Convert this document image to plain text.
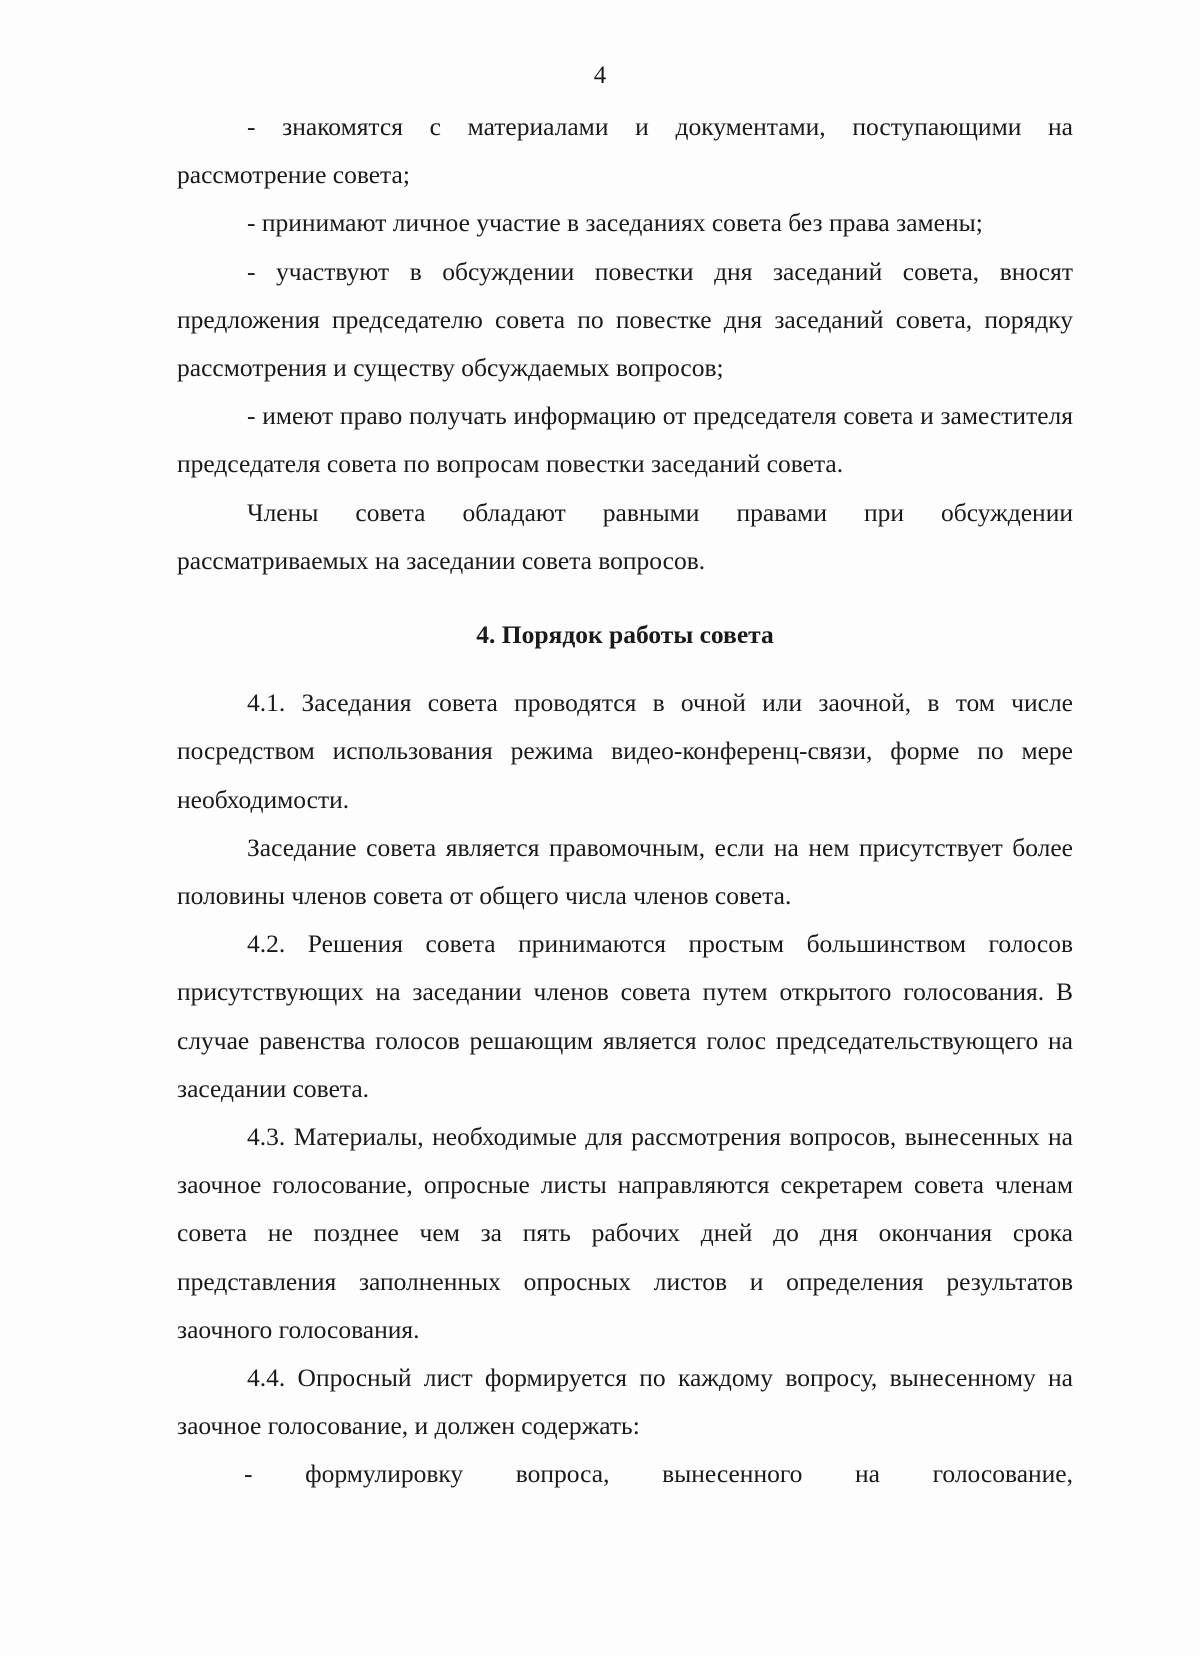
4

- знакомятся с материалами и документами, поступающими на рассмотрение совета;

- принимают личное участие в заседаниях совета без права замены;

- участвуют в обсуждении повестки дня заседаний совета, вносят предложения председателю совета по повестке дня заседаний совета, порядку рассмотрения и существу обсуждаемых вопросов;

- имеют право получать информацию от председателя совета и заместителя председателя совета по вопросам повестки заседаний совета.

Члены совета обладают равными правами при обсуждении рассматриваемых на заседании совета вопросов.

4. Порядок работы совета

4.1. Заседания совета проводятся в очной или заочной, в том числе посредством использования режима видео-конференц-связи, форме по мере необходимости.

Заседание совета является правомочным, если на нем присутствует более половины членов совета от общего числа членов совета.

4.2. Решения совета принимаются простым большинством голосов присутствующих на заседании членов совета путем открытого голосования. В случае равенства голосов решающим является голос председательствующего на заседании совета.

4.3. Материалы, необходимые для рассмотрения вопросов, вынесенных на заочное голосование, опросные листы направляются секретарем совета членам совета не позднее чем за пять рабочих дней до дня окончания срока представления заполненных опросных листов и определения результатов заочного голосования.

4.4. Опросный лист формируется по каждому вопросу, вынесенному на заочное голосование, и должен содержать:

- формулировку вопроса, вынесенного на голосование,
